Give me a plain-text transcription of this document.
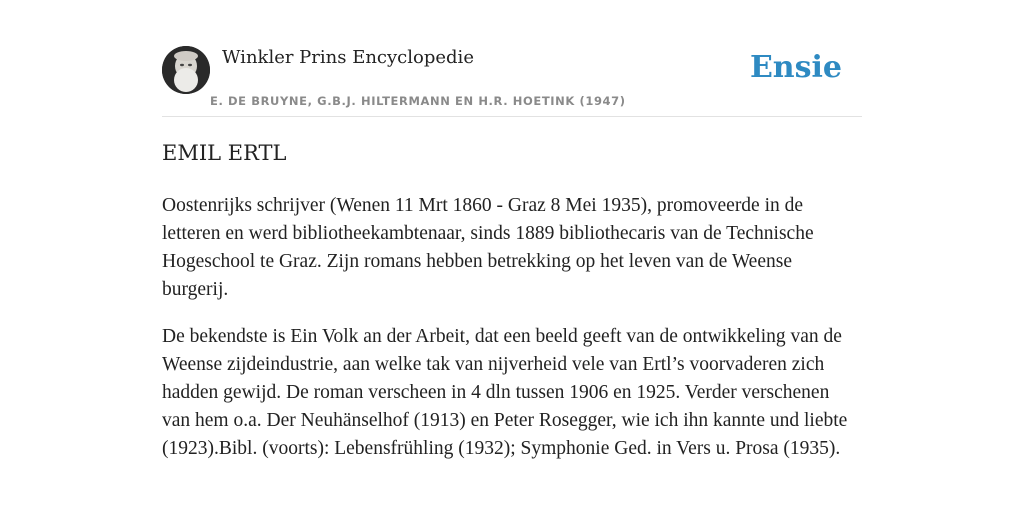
Winkler Prins Encyclopedie
E. DE BRUYNE, G.B.J. HILTERMANN EN H.R. HOETINK (1947)
Ensie
EMIL ERTL

Oostenrijks schrijver (Wenen 11 Mrt 1860 - Graz 8 Mei 1935), promoveerde in de letteren en werd bibliotheekambtenaar, sinds 1889 bibliothecaris van de Technische Hogeschool te Graz. Zijn romans hebben betrekking op het leven van de Weense burgerij.

De bekendste is Ein Volk an der Arbeit, dat een beeld geeft van de ontwikkeling van de Weense zijdeindustrie, aan welke tak van nijverheid vele van Ertl’s voorvaderen zich hadden gewijd. De roman verscheen in 4 dln tussen 1906 en 1925. Verder verschenen van hem o.a. Der Neuhänselhof (1913) en Peter Rosegger, wie ich ihn kannte und liebte (1923).Bibl. (voorts): Lebensfrühling (1932); Symphonie Ged. in Vers u. Prosa (1935).
